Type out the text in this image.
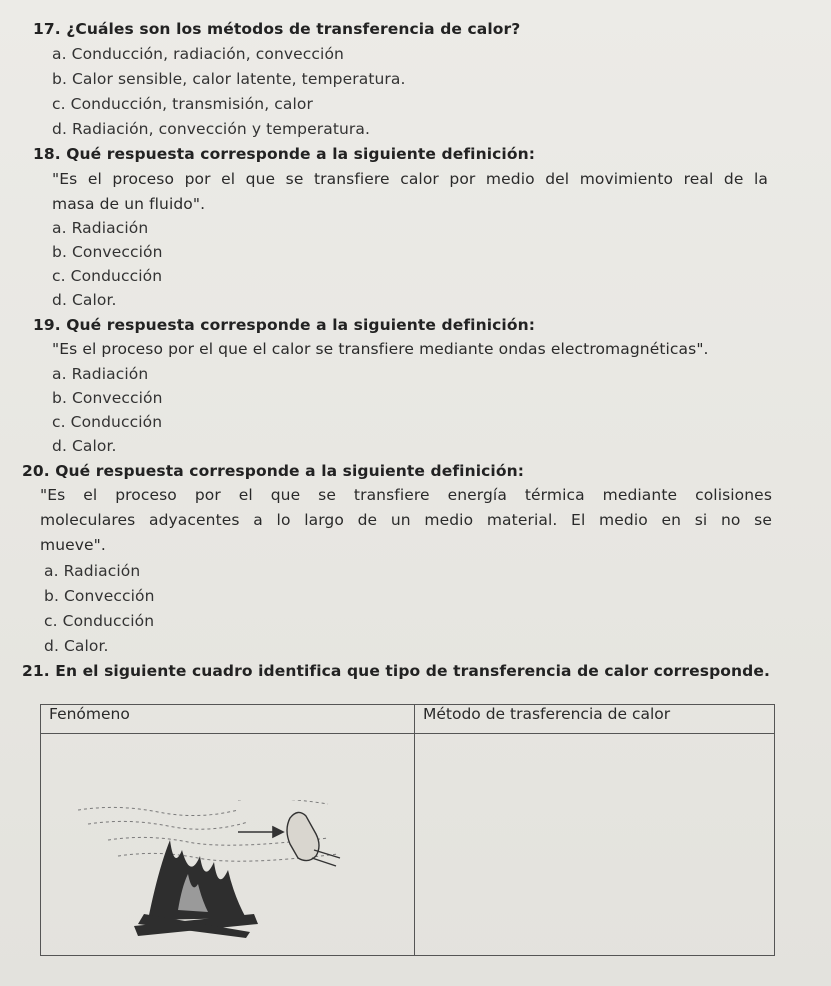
17. ¿Cuáles son los métodos de transferencia de calor?
a. Conducción, radiación, convección
b. Calor sensible, calor latente, temperatura.
c. Conducción, transmisión, calor
d. Radiación, convección y temperatura.
18. Qué respuesta corresponde a la siguiente definición:
"Es el proceso por el que se transfiere calor por medio del movimiento real de la
masa de un fluido".
a. Radiación
b. Convección
c. Conducción
d. Calor.
19. Qué respuesta corresponde a la siguiente definición:
"Es el proceso por el que el calor se transfiere mediante ondas electromagnéticas".
a. Radiación
b. Convección
c. Conducción
d. Calor.
20. Qué respuesta corresponde a la siguiente definición:
"Es el proceso por el que se transfiere energía térmica mediante colisiones
moleculares adyacentes a lo largo de un medio material. El medio en si no se
mueve".
a. Radiación
b. Convección
c. Conducción
d. Calor.
21. En el siguiente cuadro identifica que tipo de transferencia de calor corresponde.
Fenómeno	Método de trasferencia de calor
